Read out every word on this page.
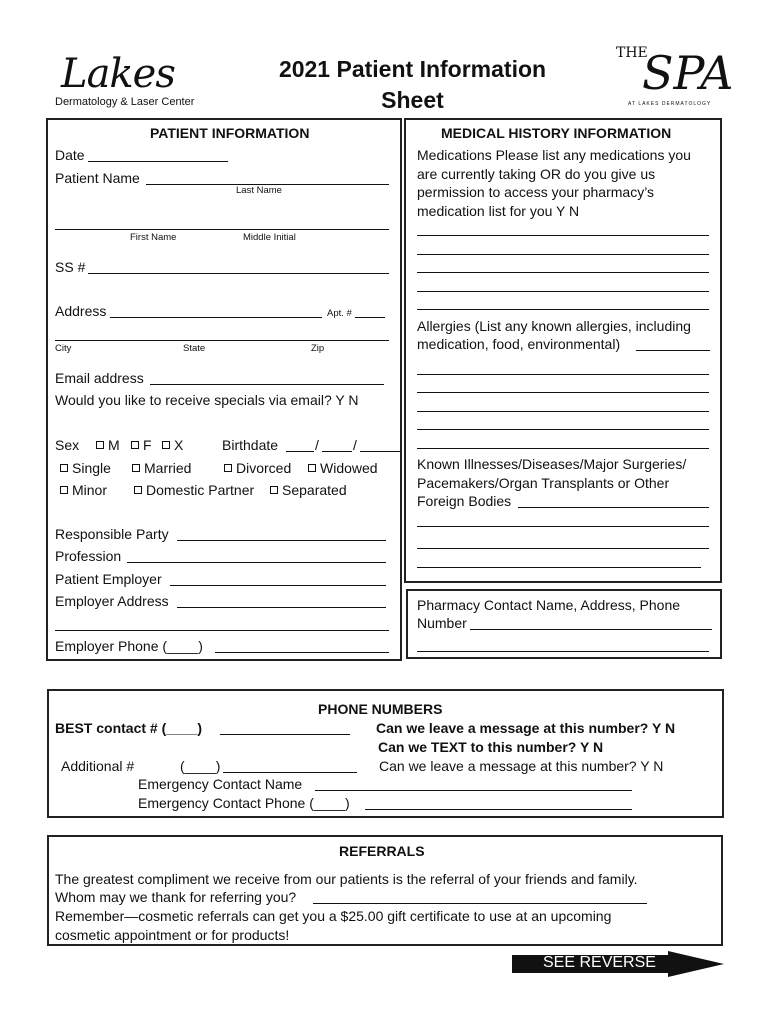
Lakes
Dermatology & Laser Center
2021 Patient Information
Sheet
THE
SPA
AT LAKES DERMATOLOGY
PATIENT INFORMATION
Date
Patient Name
Last Name
First Name	Middle Initial
SS #
Address	Apt. #
City	State	Zip
Email address
Would you like to receive specials via email? Y N
Sex	M	F	X	Birthdate	/ /
Single	Married	Divorced	Widowed
Minor	Domestic Partner	Separated
Responsible Party
Profession
Patient Employer
Employer Address
Employer Phone (____)
MEDICAL HISTORY INFORMATION
Medications Please list any medications you
are currently taking OR do you give us
permission to access your pharmacy’s
medication list for you Y N
Allergies (List any known allergies, including
medication, food, environmental)
Known Illnesses/Diseases/Major Surgeries/
Pacemakers/Organ Transplants or Other
Foreign Bodies
Pharmacy Contact Name, Address, Phone
Number
PHONE NUMBERS
BEST contact # (____)	Can we leave a message at this number? Y N
Can we TEXT to this number? Y N
Additional #	(____)	Can we leave a message at this number? Y N
Emergency Contact Name
Emergency Contact Phone (____)
REFERRALS
The greatest compliment we receive from our patients is the referral of your friends and family.
Whom may we thank for referring you?
Remember—cosmetic referrals can get you a $25.00 gift certificate to use at an upcoming
cosmetic appointment or for products!
SEE REVERSE
